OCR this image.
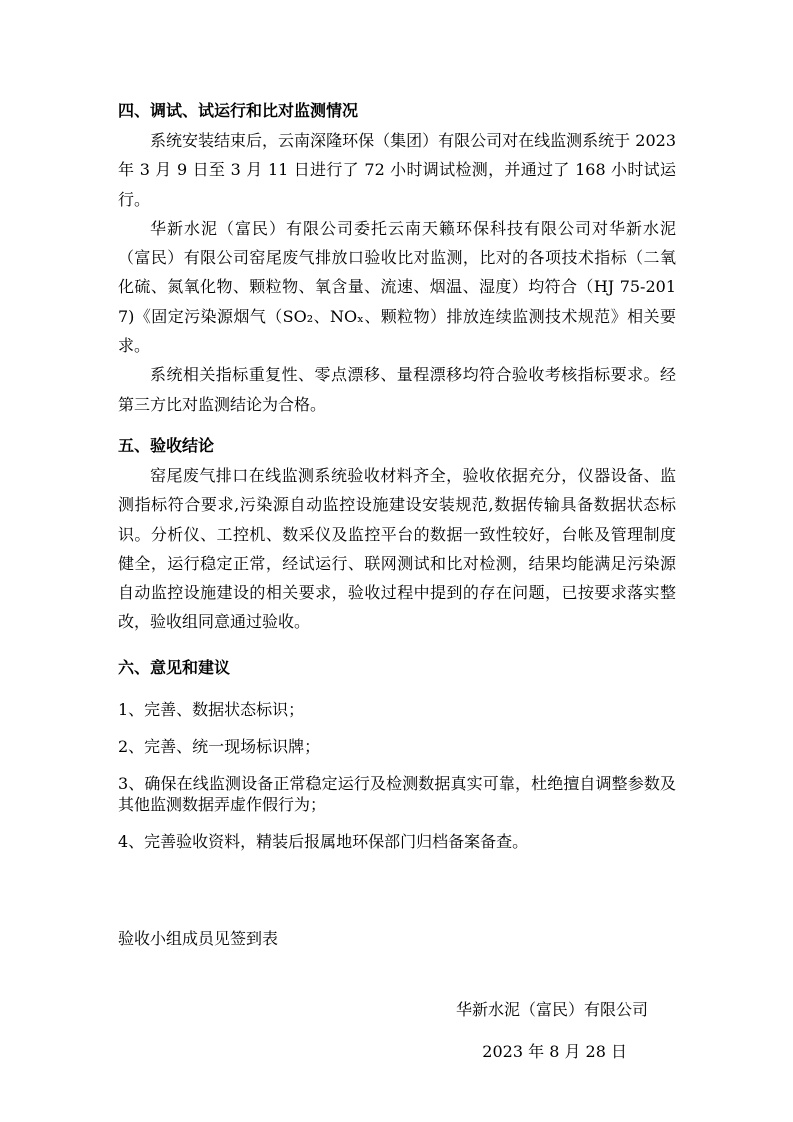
四、调试、试运行和比对监测情况

系统安装结束后，云南深隆环保（集团）有限公司对在线监测系统于 2023 年 3 月 9 日至 3 月 11 日进行了 72 小时调试检测，并通过了 168 小时试运行。

华新水泥（富民）有限公司委托云南天籁环保科技有限公司对华新水泥（富民）有限公司窑尾废气排放口验收比对监测，比对的各项技术指标（二氧化硫、氮氧化物、颗粒物、氧含量、流速、烟温、湿度）均符合（HJ 75-2017)《固定污染源烟气（SO₂、NOₓ、颗粒物）排放连续监测技术规范》相关要求。

系统相关指标重复性、零点漂移、量程漂移均符合验收考核指标要求。经第三方比对监测结论为合格。

五、验收结论

窑尾废气排口在线监测系统验收材料齐全，验收依据充分，仪器设备、监测指标符合要求,污染源自动监控设施建设安装规范,数据传输具备数据状态标识。分析仪、工控机、数采仪及监控平台的数据一致性较好，台帐及管理制度健全，运行稳定正常，经试运行、联网测试和比对检测，结果均能满足污染源自动监控设施建设的相关要求，验收过程中提到的存在问题，已按要求落实整改，验收组同意通过验收。

六、意见和建议

1、完善、数据状态标识；

2、完善、统一现场标识牌；

3、确保在线监测设备正常稳定运行及检测数据真实可靠，杜绝擅自调整参数及其他监测数据弄虚作假行为；

4、完善验收资料，精装后报属地环保部门归档备案备查。

验收小组成员见签到表
华新水泥（富民）有限公司
2023 年 8 月 28 日
